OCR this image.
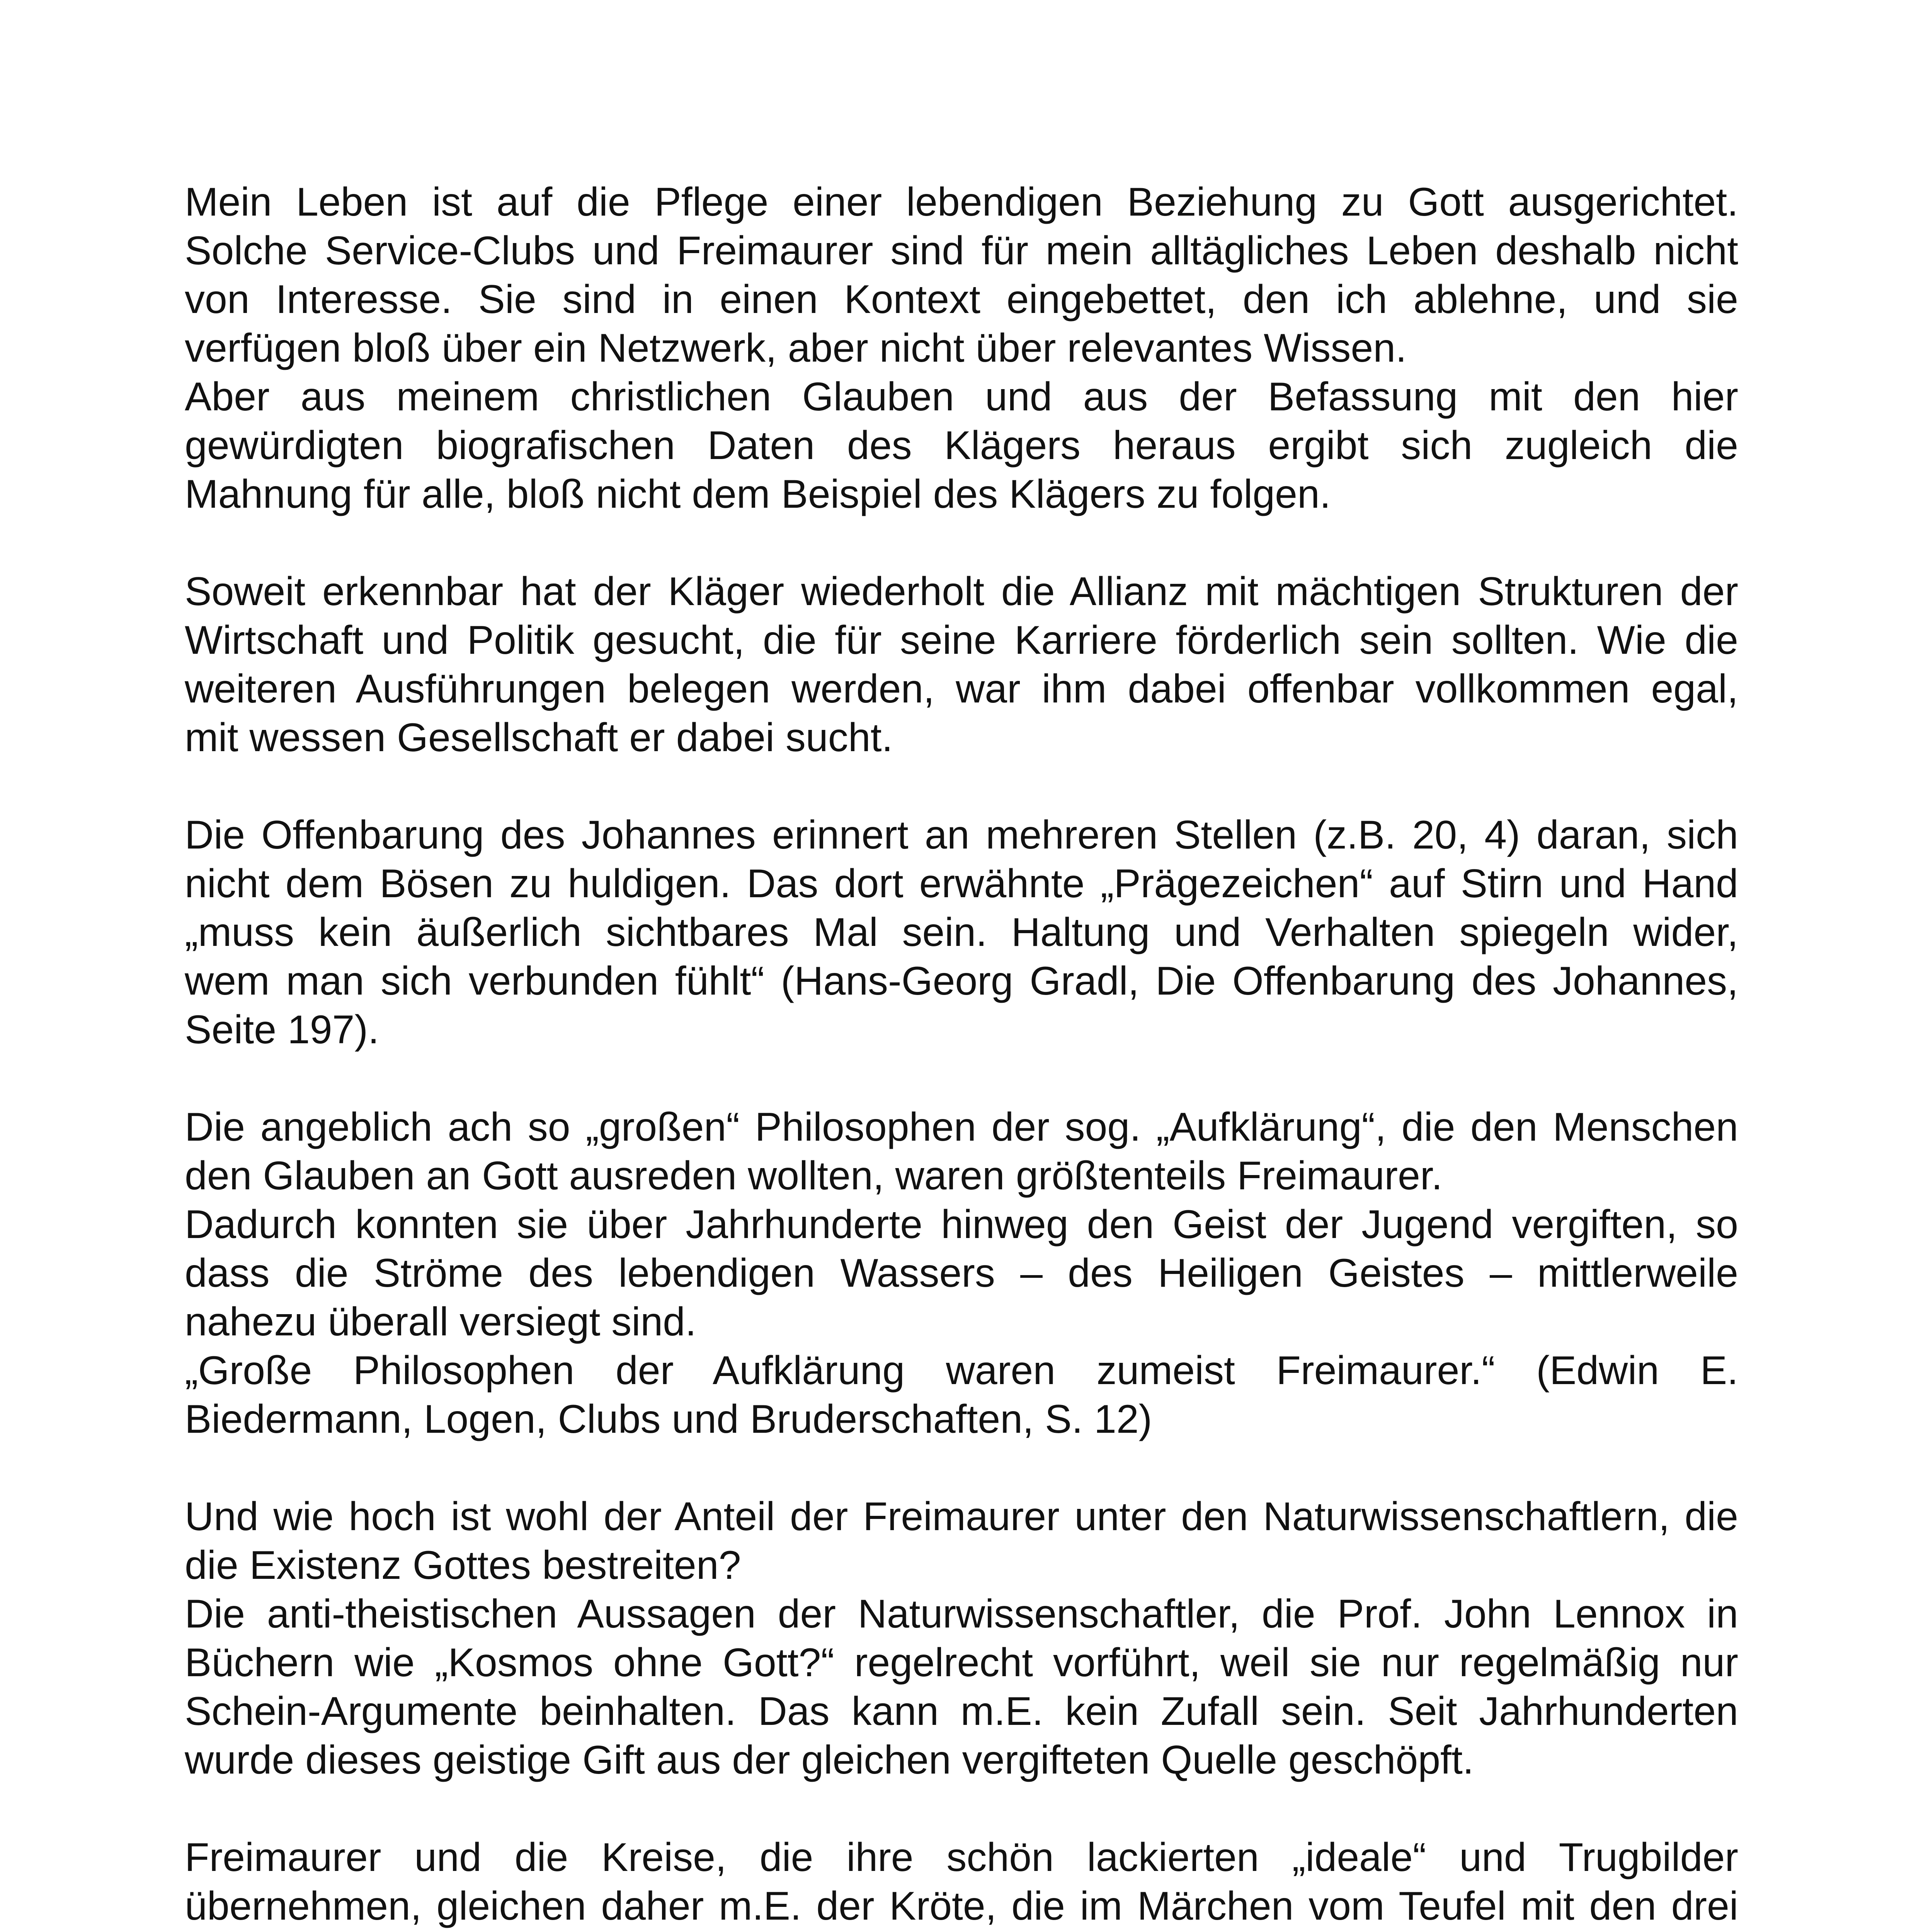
Mein Leben ist auf die Pflege einer lebendigen Beziehung zu Gott ausgerichtet.
Solche Service-Clubs und Freimaurer sind für mein alltägliches Leben deshalb nicht
von Interesse. Sie sind in einen Kontext eingebettet, den ich ablehne, und sie
verfügen bloß über ein Netzwerk, aber nicht über relevantes Wissen.
Aber aus meinem christlichen Glauben und aus der Befassung mit den hier
gewürdigten biografischen Daten des Klägers heraus ergibt sich zugleich die
Mahnung für alle, bloß nicht dem Beispiel des Klägers zu folgen.
Soweit erkennbar hat der Kläger wiederholt die Allianz mit mächtigen Strukturen der
Wirtschaft und Politik gesucht, die für seine Karriere förderlich sein sollten. Wie die
weiteren Ausführungen belegen werden, war ihm dabei offenbar vollkommen egal,
mit wessen Gesellschaft er dabei sucht.
Die Offenbarung des Johannes erinnert an mehreren Stellen (z.B. 20, 4) daran, sich
nicht dem Bösen zu huldigen. Das dort erwähnte „Prägezeichen“ auf Stirn und Hand
„muss kein äußerlich sichtbares Mal sein. Haltung und Verhalten spiegeln wider,
wem man sich verbunden fühlt“ (Hans-Georg Gradl, Die Offenbarung des Johannes,
Seite 197).
Die angeblich ach so „großen“ Philosophen der sog. „Aufklärung“, die den Menschen
den Glauben an Gott ausreden wollten, waren größtenteils Freimaurer.
Dadurch konnten sie über Jahrhunderte hinweg den Geist der Jugend vergiften, so
dass die Ströme des lebendigen Wassers – des Heiligen Geistes – mittlerweile
nahezu überall versiegt sind.
„Große Philosophen der Aufklärung waren zumeist Freimaurer.“ (Edwin E.
Biedermann, Logen, Clubs und Bruderschaften, S. 12)
Und wie hoch ist wohl der Anteil der Freimaurer unter den Naturwissenschaftlern, die
die Existenz Gottes bestreiten?
Die anti-theistischen Aussagen der Naturwissenschaftler, die Prof. John Lennox in
Büchern wie „Kosmos ohne Gott?“ regelrecht vorführt, weil sie nur regelmäßig nur
Schein-Argumente beinhalten. Das kann m.E. kein Zufall sein. Seit Jahrhunderten
wurde dieses geistige Gift aus der gleichen vergifteten Quelle geschöpft.
Freimaurer und die Kreise, die ihre schön lackierten „ideale“ und Trugbilder
übernehmen, gleichen daher m.E. der Kröte, die im Märchen vom Teufel mit den drei
